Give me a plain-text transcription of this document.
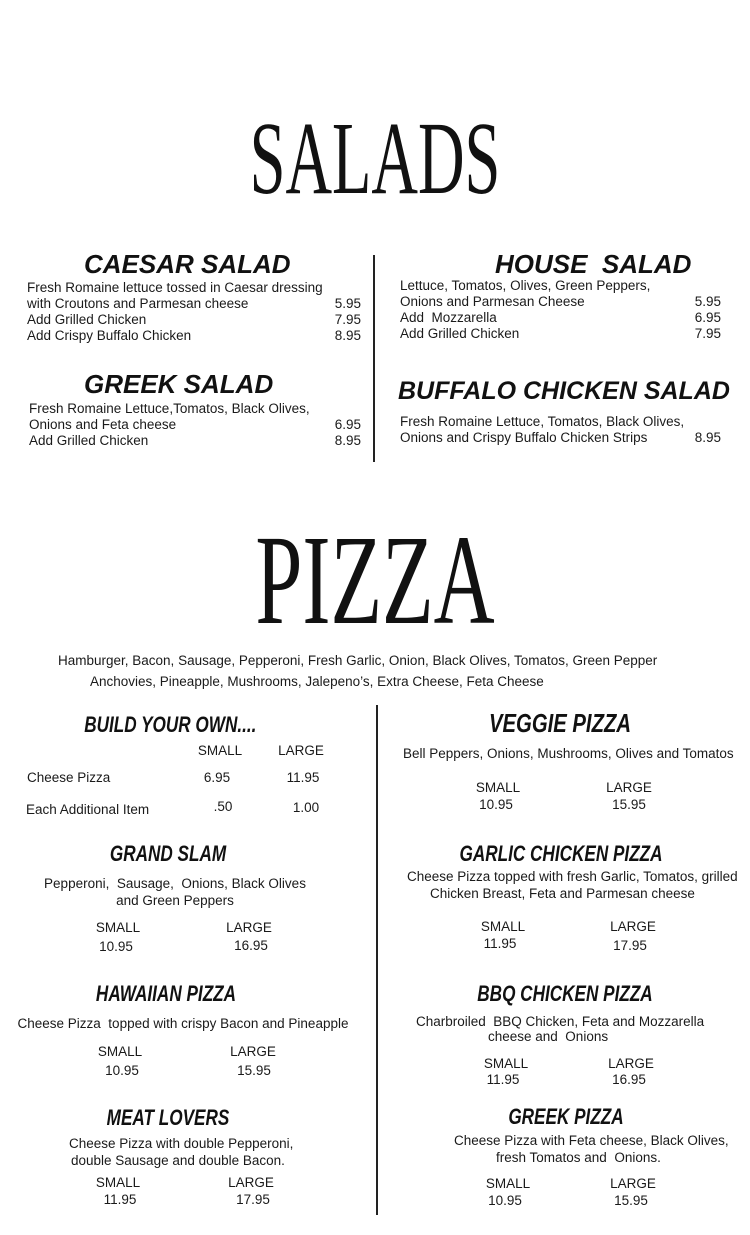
SALADS
CAESAR SALAD
Fresh Romaine lettuce tossed in Caesar dressing
with Croutons and Parmesan cheese	5.95
Add Grilled Chicken	7.95
Add Crispy Buffalo Chicken	8.95
GREEK SALAD
Fresh Romaine Lettuce,Tomatos, Black Olives,
Onions and Feta cheese	6.95
Add Grilled Chicken	8.95
HOUSE  SALAD
Lettuce, Tomatos, Olives, Green Peppers,
Onions and Parmesan Cheese	5.95
Add  Mozzarella	6.95
Add Grilled Chicken	7.95
BUFFALO CHICKEN SALAD
Fresh Romaine Lettuce, Tomatos, Black Olives,
Onions and Crispy Buffalo Chicken Strips	8.95
PIZZA
Hamburger, Bacon, Sausage, Pepperoni, Fresh Garlic, Onion, Black Olives, Tomatos, Green Pepper
Anchovies, Pineapple, Mushrooms, Jalepeno’s, Extra Cheese, Feta Cheese
BUILD YOUR OWN....
SMALL	LARGE
Cheese Pizza	6.95	11.95
Each Additional Item	.50	1.00
GRAND SLAM
Pepperoni,  Sausage,  Onions, Black Olives
and Green Peppers
SMALL	LARGE
10.95	16.95
HAWAIIAN PIZZA
Cheese Pizza  topped with crispy Bacon and Pineapple
SMALL	LARGE
10.95	15.95
MEAT LOVERS
Cheese Pizza with double Pepperoni,
double Sausage and double Bacon.
SMALL	LARGE
11.95	17.95
VEGGIE PIZZA
Bell Peppers, Onions, Mushrooms, Olives and Tomatos
SMALL	LARGE
10.95	15.95
GARLIC CHICKEN PIZZA
Cheese Pizza topped with fresh Garlic, Tomatos, grilled
Chicken Breast, Feta and Parmesan cheese
SMALL	LARGE
11.95	17.95
BBQ CHICKEN PIZZA
Charbroiled  BBQ Chicken, Feta and Mozzarella
cheese and  Onions
SMALL	LARGE
11.95	16.95
GREEK PIZZA
Cheese Pizza with Feta cheese, Black Olives,
fresh Tomatos and  Onions.
SMALL	LARGE
10.95	15.95
